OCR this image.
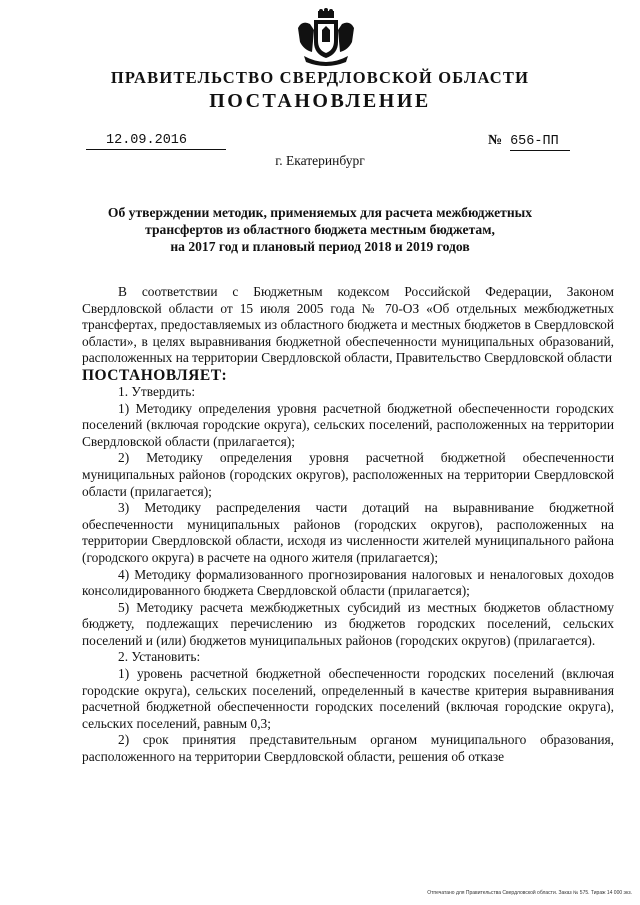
ПРАВИТЕЛЬСТВО СВЕРДЛОВСКОЙ ОБЛАСТИ
ПОСТАНОВЛЕНИЕ
12.09.2016	№ 656-ПП
г. Екатеринбург
Об утверждении методик, применяемых для расчета межбюджетных
трансфертов из областного бюджета местным бюджетам,
на 2017 год и плановый период 2018 и 2019 годов

В соответствии с Бюджетным кодексом Российской Федерации, Законом Свердловской области от 15 июля 2005 года № 70-ОЗ «Об отдельных межбюджетных трансфертах, предоставляемых из областного бюджета и местных бюджетов в Свердловской области», в целях выравнивания бюджетной обеспеченности муниципальных образований, расположенных на территории Свердловской области, Правительство Свердловской области

ПОСТАНОВЛЯЕТ:

1. Утвердить:

1) Методику определения уровня расчетной бюджетной обеспеченности городских поселений (включая городские округа), сельских поселений, расположенных на территории Свердловской области (прилагается);

2) Методику определения уровня расчетной бюджетной обеспеченности муниципальных районов (городских округов), расположенных на территории Свердловской области (прилагается);

3) Методику распределения части дотаций на выравнивание бюджетной обеспеченности муниципальных районов (городских округов), расположенных на территории Свердловской области, исходя из численности жителей муниципального района (городского округа) в расчете на одного жителя (прилагается);

4) Методику формализованного прогнозирования налоговых и неналоговых доходов консолидированного бюджета Свердловской области (прилагается);

5) Методику расчета межбюджетных субсидий из местных бюджетов областному бюджету, подлежащих перечислению из бюджетов городских поселений, сельских поселений и (или) бюджетов муниципальных районов (городских округов) (прилагается).

2. Установить:

1) уровень расчетной бюджетной обеспеченности городских поселений (включая городские округа), сельских поселений, определенный в качестве критерия выравнивания расчетной бюджетной обеспеченности городских поселений (включая городские округа), сельских поселений, равным 0,3;

2) срок принятия представительным органом муниципального образования, расположенного на территории Свердловской области, решения об отказе

Отпечатано для Правительства Свердловской области. Заказ № 575. Тираж 14 000 экз.
